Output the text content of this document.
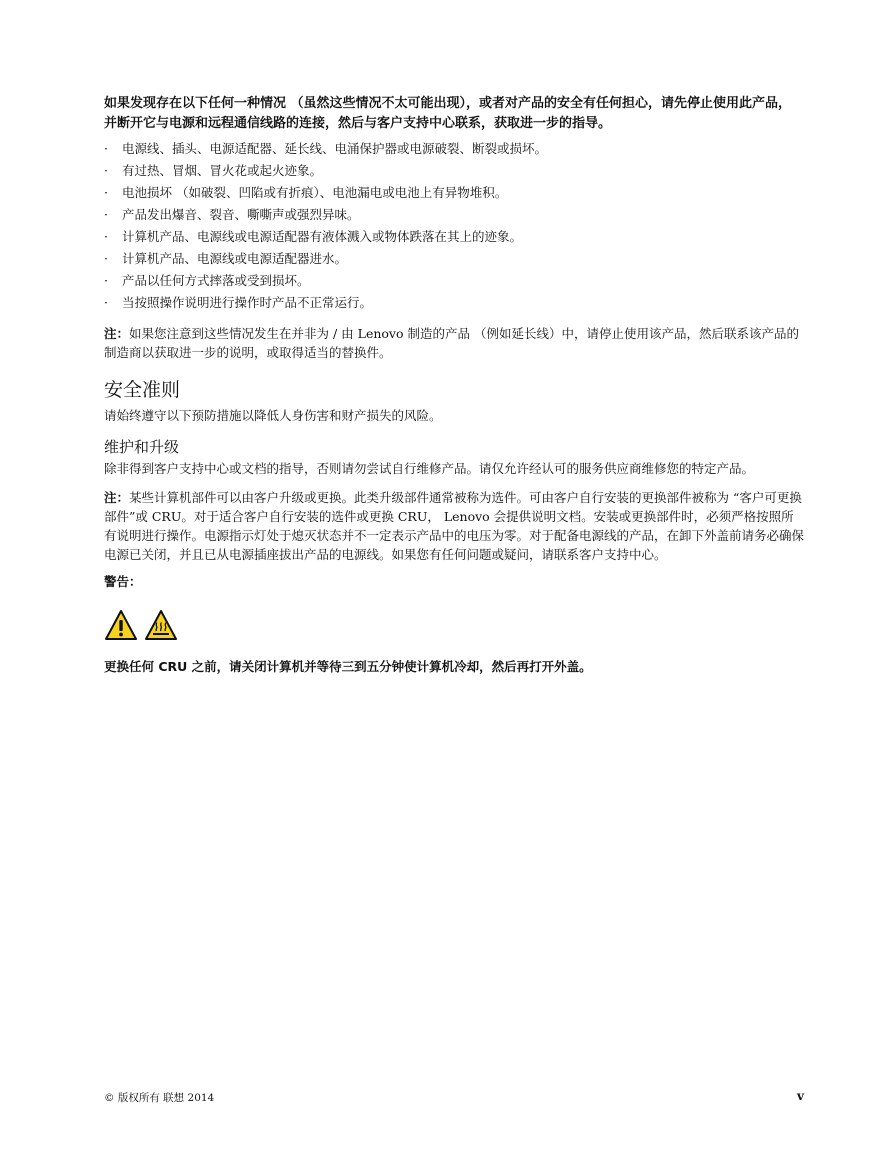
如果发现存在以下任何一种情况 （虽然这些情况不太可能出现），或者对产品的安全有任何担心，请先停止使用此产品，并断开它与电源和远程通信线路的连接，然后与客户支持中心联系，获取进一步的指导。

· 电源线、插头、电源适配器、延长线、电涌保护器或电源破裂、断裂或损坏。
· 有过热、冒烟、冒火花或起火迹象。
· 电池损坏 （如破裂、凹陷或有折痕）、电池漏电或电池上有异物堆积。
· 产品发出爆音、裂音、嘶嘶声或强烈异味。
· 计算机产品、电源线或电源适配器有液体溅入或物体跌落在其上的迹象。
· 计算机产品、电源线或电源适配器进水。
· 产品以任何方式摔落或受到损坏。
· 当按照操作说明进行操作时产品不正常运行。

注：如果您注意到这些情况发生在并非为 / 由 Lenovo 制造的产品 （例如延长线）中，请停止使用该产品，然后联系该产品的制造商以获取进一步的说明，或取得适当的替换件。

安全准则

请始终遵守以下预防措施以降低人身伤害和财产损失的风险。

维护和升级

除非得到客户支持中心或文档的指导，否则请勿尝试自行维修产品。请仅允许经认可的服务供应商维修您的特定产品。

注：某些计算机部件可以由客户升级或更换。此类升级部件通常被称为选件。可由客户自行安装的更换部件被称为 “客户可更换部件”或 CRU。对于适合客户自行安装的选件或更换 CRU， Lenovo 会提供说明文档。安装或更换部件时，必须严格按照所有说明进行操作。电源指示灯处于熄灭状态并不一定表示产品中的电压为零。对于配备电源线的产品，在卸下外盖前请务必确保电源已关闭，并且已从电源插座拔出产品的电源线。如果您有任何问题或疑问，请联系客户支持中心。

警告：

更换任何 CRU 之前，请关闭计算机并等待三到五分钟使计算机冷却，然后再打开外盖。

© 版权所有 联想 2014	v
